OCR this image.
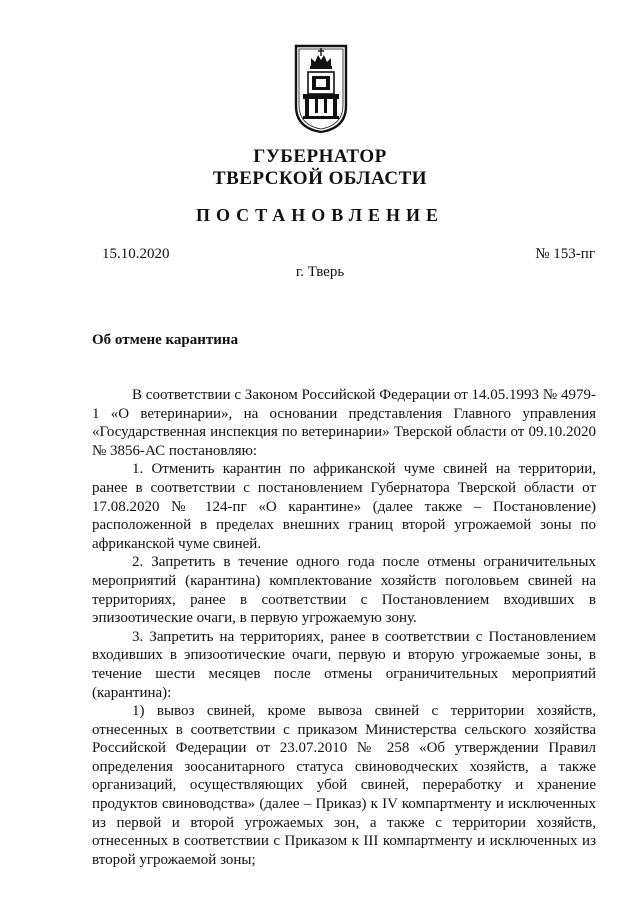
ГУБЕРНАТОР
ТВЕРСКОЙ ОБЛАСТИ
ПОСТАНОВЛЕНИЕ
15.10.2020	№ 153-пг
г. Тверь
Об отмене карантина

В соответствии с Законом Российской Федерации от 14.05.1993 № 4979-1 «О ветеринарии», на основании представления Главного управления «Государственная инспекция по ветеринарии» Тверской области от 09.10.2020 № 3856-АС постановляю:

1. Отменить карантин по африканской чуме свиней на территории, ранее в соответствии с постановлением Губернатора Тверской области от 17.08.2020 № 124-пг «О карантине» (далее также – Постановление) расположенной в пределах внешних границ второй угрожаемой зоны по африканской чуме свиней.

2. Запретить в течение одного года после отмены ограничительных мероприятий (карантина) комплектование хозяйств поголовьем свиней на территориях, ранее в соответствии с Постановлением входивших в эпизоотические очаги, в первую угрожаемую зону.

3. Запретить на территориях, ранее в соответствии с Постановлением входивших в эпизоотические очаги, первую и вторую угрожаемые зоны, в течение шести месяцев после отмены ограничительных мероприятий (карантина):

1) вывоз свиней, кроме вывоза свиней с территории хозяйств, отнесенных в соответствии с приказом Министерства сельского хозяйства Российской Федерации от 23.07.2010 № 258 «Об утверждении Правил определения зоосанитарного статуса свиноводческих хозяйств, а также организаций, осуществляющих убой свиней, переработку и хранение продуктов свиноводства» (далее – Приказ) к IV компартменту и исключенных из первой и второй угрожаемых зон, а также с территории хозяйств, отнесенных в соответствии с Приказом к III компартменту и исключенных из второй угрожаемой зоны;
